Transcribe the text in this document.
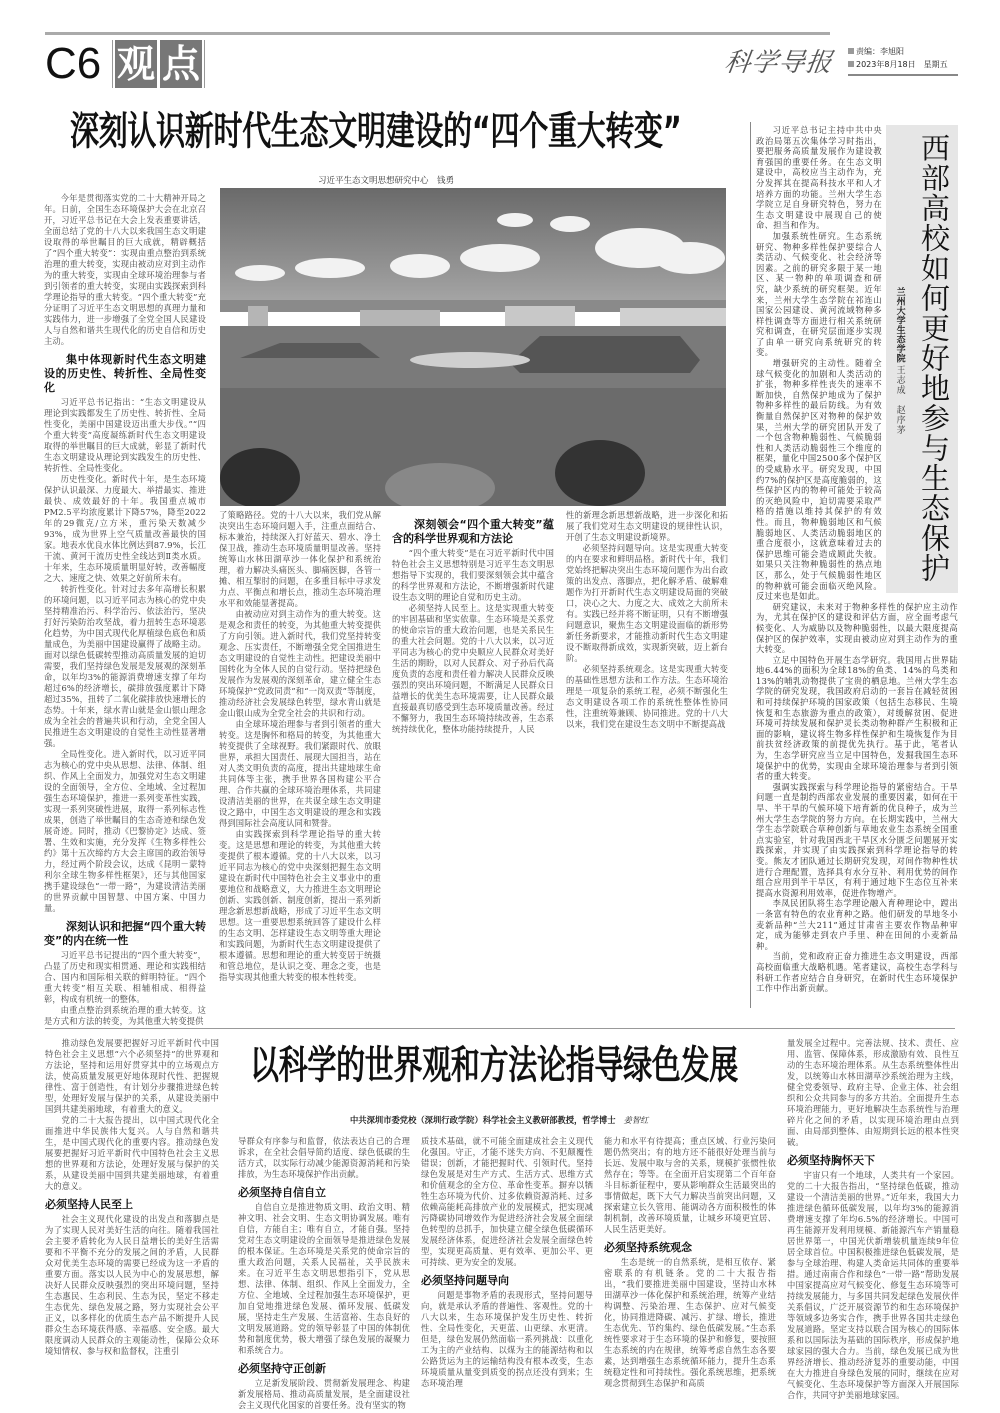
C6 观 点	科学导报	责编：李旭阳
2023年8月18日　星期五
深刻认识新时代生态文明建设的“四个重大转变”
习近平生态文明思想研究中心　钱勇

今年是贯彻落实党的二十大精神开局之年。日前，全国生态环境保护大会在北京召开，习近平总书记在大会上发表重要讲话，全面总结了党的十八大以来我国生态文明建设取得的举世瞩目的巨大成就，精辟概括了“四个重大转变”：实现由重点整治到系统治理的重大转变，实现由被动应对到主动作为的重大转变，实现由全球环境治理参与者到引领者的重大转变，实现由实践探索到科学理论指导的重大转变。“四个重大转变”充分证明了习近平生态文明思想的真理力量和实践伟力，进一步增强了全党全国人民建设人与自然和谐共生现代化的历史自信和历史主动。

集中体现新时代生态文明建设的历史性、转折性、全局性变化

习近平总书记指出：“生态文明建设从理论到实践都发生了历史性、转折性、全局性变化，美丽中国建设迈出重大步伐。”“四个重大转变”高度凝练新时代生态文明建设取得的举世瞩目的巨大成就，彰显了新时代生态文明建设从理论到实践发生的历史性、转折性、全局性变化。

历史性变化。新时代十年，是生态环境保护认识最深、力度最大、举措最实、推进最快、成效最好的十年。我国重点城市PM2.5平均浓度累计下降57%，降至2022年的29微克/立方米，重污染天数减少93%，成为世界上空气质量改善最快的国家。地表水优良水体比例达到87.9%，长江干流、黄河干流历史性全线达到Ⅱ类水质。十年来，生态环境质量明显好转，改善幅度之大、速度之快、效果之好前所未有。

转折性变化。针对过去多年高增长积累的环境问题，以习近平同志为核心的党中央坚持精准治污、科学治污、依法治污，坚决打好污染防治攻坚战，着力扭转生态环境恶化趋势，为中国式现代化厚植绿色底色和质量成色，为美丽中国建设赢得了战略主动。面对以绿色低碳转型推动高质量发展的迫切需要，我们坚持绿色发展是发展观的深刻革命，以年均3%的能源消费增速支撑了年均超过6%的经济增长，碳排放强度累计下降超过35%，扭转了二氧化碳排放快速增长的态势。十年来，绿水青山就是金山银山理念成为全社会的普遍共识和行动，全党全国人民推进生态文明建设的自觉性主动性显著增强。

全局性变化。进入新时代，以习近平同志为核心的党中央从思想、法律、体制、组织、作风上全面发力，加强党对生态文明建设的全面领导，全方位、全地域、全过程加强生态环境保护，推进一系列变革性实践，实现一系列突破性进展，取得一系列标志性成果，创造了举世瞩目的生态奇迹和绿色发展奇迹。同时，推动《巴黎协定》达成、签署、生效和实施，充分发挥《生物多样性公约》第十五次缔约方大会主席国的政治领导力，经过两个阶段会议，达成《昆明－蒙特利尔全球生物多样性框架》，还与其他国家携手建设绿色“一带一路”，为建设清洁美丽的世界贡献中国智慧、中国方案、中国力量。

深刻认识和把握“四个重大转变”的内在统一性

习近平总书记提出的“四个重大转变”，凸显了历史和现实相贯通、理论和实践相结合、国内和国际相关联的鲜明特征。“四个重大转变”相互关联、相辅相成、相得益彰，构成有机统一的整体。

由重点整治到系统治理的重大转变。这是方式和方法的转变，为其他重大转变提供

了策略路径。党的十八大以来，我们党从解决突出生态环境问题入手，注重点面结合、标本兼治，持续深入打好蓝天、碧水、净土保卫战，推动生态环境质量明显改善。坚持统筹山水林田湖草沙一体化保护和系统治理，着力解决头痛医头、脚痛医脚，各管一摊、相互掣肘的问题，在多重目标中寻求发力点、平衡点和增长点，推动生态环境治理水平和效能显著提高。

由被动应对到主动作为的重大转变。这是观念和责任的转变，为其他重大转变提供了方向引领。进入新时代，我们党坚持转变观念、压实责任，不断增强全党全国推进生态文明建设的自觉性主动性。把建设美丽中国转化为全体人民的自觉行动。坚持把绿色发展作为发展观的深刻革命，建立健全生态环境保护“党政同责”和“一岗双责”等制度，推动经济社会发展绿色转型，绿水青山就是金山银山成为全党全社会的共识和行动。

由全球环境治理参与者到引领者的重大转变。这是胸怀和格局的转变，为其他重大转变提供了全球视野。我们紧跟时代、放眼世界，承担大国责任、展现大国担当，站在对人类文明负责的高度，提出共建地球生命共同体等主张，携手世界各国构建公平合理、合作共赢的全球环境治理体系，共同建设清洁美丽的世界，在共谋全球生态文明建设之路中，中国生态文明建设的理念和实践得到国际社会高度认同和赞誉。

由实践探索到科学理论指导的重大转变。这是思想和理论的转变，为其他重大转变提供了根本遵循。党的十八大以来，以习近平同志为核心的党中央深刻把握生态文明建设在新时代中国特色社会主义事业中的重要地位和战略意义，大力推进生态文明理论创新、实践创新、制度创新，提出一系列新理念新思想新战略，形成了习近平生态文明思想。这一重要思想系统回答了建设什么样的生态文明、怎样建设生态文明等重大理论和实践问题，为新时代生态文明建设提供了根本遵循。思想和理论的重大转变居于统摄和管总地位，是认识之变、理念之变，也是指导实现其他重大转变的根本性转变。

深刻领会“四个重大转变”蕴含的科学世界观和方法论

“四个重大转变”是在习近平新时代中国特色社会主义思想特别是习近平生态文明思想指导下实现的，我们要深刻领会其中蕴含的科学世界观和方法论，不断增强新时代建设生态文明的理论自觉和历史主动。

必须坚持人民至上。这是实现重大转变的牢固基础和坚实依靠。生态环境是关系党的使命宗旨的重大政治问题，也是关系民生的重大社会问题。党的十八大以来，以习近平同志为核心的党中央顺应人民群众对美好生活的期盼，以对人民群众、对子孙后代高度负责的态度和责任着力解决人民群众反映强烈的突出环境问题，不断满足人民群众日益增长的优美生态环境需要，让人民群众最直接最真切感受到生态环境质量改善。经过不懈努力，我国生态环境持续改善，生态系统持续优化，整体功能持续提升，人民

性的新理念新思想新战略，进一步深化和拓展了我们党对生态文明建设的规律性认识，开创了生态文明建设新境界。

必须坚持问题导向。这是实现重大转变的内在要求和鲜明品格。新时代十年，我们党始终把解决突出生态环境问题作为出台政策的出发点、落脚点，把化解矛盾、破解难题作为打开新时代生态文明建设局面的突破口，决心之大、力度之大、成效之大前所未有。实践已经并将不断证明，只有不断增强问题意识，聚焦生态文明建设面临的新形势新任务新要求，才能推动新时代生态文明建设不断取得新成效，实现新突破，迈上新台阶。

必须坚持系统观念。这是实现重大转变的基础性思想方法和工作方法。生态环境治理是一项复杂的系统工程，必须不断强化生态文明建设各项工作的系统性整体性协同性，注重统筹兼顾、协同推进。党的十八大以来，我们党在建设生态文明中不断提高战

西部高校如何更好地参与生态保护
兰州大学生态学院
王志成　赵序茅

习近平总书记主持中共中央政治局第五次集体学习时指出，要把服务高质量发展作为建设教育强国的重要任务。在生态文明建设中，高校应当主动作为，充分发挥其在提高科技水平和人才培养方面的功能。兰州大学生态学院立足自身研究特色，努力在生态文明建设中展现自己的使命、担当和作为。

加强系统性研究。生态系统研究、物种多样性保护要综合人类活动、气候变化、社会经济等因素。之前的研究多限于某一地区、某一物种的单项调查和研究，缺少系统的研究框架。近年来，兰州大学生态学院在祁连山国家公园建设、黄河流域物种多样性调查等方面进行相关系统研究和调查，在研究层面逐步实现了由单一研究向系统研究的转变。

增强研究的主动性。随着全球气候变化的加剧和人类活动的扩张，物种多样性丧失的速率不断加快，自然保护地成为了保护物种多样性的最后防线。为有效衡量自然保护区对物种的保护效果，兰州大学的研究团队开发了一个包含物种脆弱性、气候脆弱性和人类活动脆弱性三个维度的框架，量化中国2500多个保护区的受威胁水平。研究发现，中国约7%的保护区是高度脆弱的，这些保护区内的物种可能处于较高的灭绝风险中，迫切需要采取严格的措施以维持其保护的有效性。而且，物种脆弱地区和气候脆弱地区、人类活动脆弱地区的重合度很小，这就意味着过去的保护思维可能会造成顾此失彼。如果只关注物种脆弱性的热点地区，那么，处于气候脆弱性地区的物种就可能会面临灭绝风险。反过来也是如此。

研究建议，未来对于物种多样性的保护应主动作为，尤其在保护区的建设和评估方面，应全面考虑气候变化、人为威胁以及物种脆弱性，以最大限度提高保护区的保护效率，实现由被动应对到主动作为的重大转变。

立足中国特色开展生态学研究。我国用占世界陆地6.44%的面积为全球18%的鱼类、14%的鸟类和13%的哺乳动物提供了宝贵的栖息地。兰州大学生态学院的研究发现，我国政府启动的一套旨在减轻贫困和可持续保护环境的国家政策（包括生态移民、生境恢复和生态旅游为重点的政策），对缓解贫困、促进环境可持续发展和保护灵长类动物种群产生积极和正面的影响，建议将生物多样性保护和生境恢复作为目前扶贫经济政策的前提优先执行。基于此，笔者认为，生态学研究应当立足中国特色，发掘我国生态环境保护中的优势，实现由全球环境治理参与者到引领者的重大转变。

强调实践探索与科学理论指导的紧密结合。干旱问题一直是制约西部农业发展的重要因素，如何在干旱、半干旱的气候环境下培育新的优良种子，成为兰州大学生态学院的努力方向。在长期实践中，兰州大学生态学院联合草种创新与草地农业生态系统全国重点实验室，针对我国西北干旱区水分匮乏问题展开实践探索，并实现了由实践探索到科学理论指导的转变。熊友才团队通过长期研究发现，对间作物种性状进行合理配置，选择具有水分互补、利用优势的间作组合应用到半干旱区，有利于通过地下生态位互补来提高水资源利用效率，促进作物增产。

李凤民团队将生态学理论融入育种理论中，蹚出一条富有特色的农业育种之路。他们研发的旱地冬小麦新品种“兰大211”通过甘肃省主要农作物品种审定，成为能够走到农户手里、种在田间的小麦新品种。

当前，党和政府正奋力推进生态文明建设，西部高校面临重大战略机遇。笔者建议，高校生态学科与科研工作者应结合自身研究，在新时代生态环境保护工作中作出新贡献。

推动绿色发展要把握好习近平新时代中国特色社会主义思想“六个必须坚持”的世界观和方法论，坚持和运用好贯穿其中的立场观点方法，使高质量发展更好地体现时代性、把握规律性、富于创造性，有计划分步骤推进绿色转型，处理好发展与保护的关系，从建设美丽中国到共建美丽地球，有着重大的意义。

党的二十大报告提出，以中国式现代化全面推进中华民族伟大复兴。人与自然和谐共生，是中国式现代化的重要内容。推动绿色发展要把握好习近平新时代中国特色社会主义思想的世界观和方法论，处理好发展与保护的关系，从建设美丽中国到共建美丽地球，有着重大的意义。

必须坚持人民至上

社会主义现代化建设的出发点和落脚点是为了实现人民对美好生活的向往。随着我国社会主要矛盾转化为人民日益增长的美好生活需要和不平衡不充分的发展之间的矛盾，人民群众对优美生态环境的需要已经成为这一矛盾的重要方面。落实以人民为中心的发展思想，解决好人民群众反映强烈的突出环境问题，坚持生态惠民、生态利民、生态为民，坚定不移走生态优先、绿色发展之路，努力实现社会公平正义，以多样化的优质生态产品不断提升人民群众生态环境获得感、幸福感、安全感。最大限度调动人民群众的主观能动性，保障公众环境知情权、参与权和监督权，注重引

以科学的世界观和方法论指导绿色发展
中共深圳市委党校（深圳行政学院）科学社会主义教研部教授，哲学博士 姜智红

导群众有序参与和监督，依法表达自己的合理诉求，在全社会倡导简约适度、绿色低碳的生活方式，以实际行动减少能源资源消耗和污染排放，为生态环境保护作出贡献。

必须坚持自信自立

自信自立是推进物质文明、政治文明、精神文明、社会文明、生态文明协调发展。唯有自信，方能自主；唯有自立，才能自强。坚持党对生态文明建设的全面领导是推进绿色发展的根本保证。生态环境是关系党的使命宗旨的重大政治问题，关系人民福祉，关乎民族未来。在习近平生态文明思想指引下，党从思想、法律、体制、组织、作风上全面发力，全方位、全地域、全过程加强生态环境保护，更加自觉地推进绿色发展、循环发展、低碳发展，坚持走生产发展、生活富裕、生态良好的文明发展道路。党的领导彰显了中国的体制优势和制度优势，极大增强了绿色发展的凝聚力和系统合力。

必须坚持守正创新

立足新发展阶段、贯彻新发展理念、构建新发展格局、推动高质量发展，是全面建设社会主义现代化国家的首要任务。没有坚实的物

质技术基础，就不可能全面建成社会主义现代化强国。守正，才能不迷失方向、不犯颠覆性错误；创新，才能把握时代、引领时代。坚持绿色发展是对生产方式、生活方式、思维方式和价值观念的全方位、革命性变革。摒弃以牺牲生态环境为代价、过多依赖资源消耗、过多依赖高能耗高排放产业的发展模式，把实现减污降碳协同增效作为促进经济社会发展全面绿色转型的总抓手，加快建立健全绿色低碳循环发展经济体系，促进经济社会发展全面绿色转型，实现更高质量、更有效率、更加公平、更可持续、更为安全的发展。

必须坚持问题导向

问题是事物矛盾的表现形式，坚持问题导向，就是承认矛盾的普遍性、客观性。党的十八大以来，生态环境保护发生历史性、转折性、全局性变化，天更蓝、山更绿、水更清。但是，绿色发展仍然面临一系列挑战：以重化工为主的产业结构、以煤为主的能源结构和以公路货运为主的运输结构没有根本改变，生态环境质量从量变到质变的拐点还没有到来；生态环境治理

能力和水平有待提高；重点区域、行业污染问题仍然突出；有的地方还不能很好处理当前与长远、发展中取与舍的关系，规模扩张惯性依然存在；等等。在全面开启实现第二个百年奋斗目标新征程中，要从影响群众生活最突出的事情做起，既下大气力解决当前突出问题，又探索建立长久管用、能调动各方面积极性的体制机制，改善环境质量，让城乡环境更宜居、人民生活更美好。

必须坚持系统观念

生态是统一的自然系统，是相互依存、紧密联系的有机链条。党的二十大报告指出，“我们要推进美丽中国建设，坚持山水林田湖草沙一体化保护和系统治理，统筹产业结构调整、污染治理、生态保护、应对气候变化，协同推进降碳、减污、扩绿、增长，推进生态优先、节约集约、绿色低碳发展。”生态系统性要求对于生态环境的保护和修复，要按照生态系统的内在规律，统筹考虑自然生态各要素，达到增强生态系统循环能力，提升生态系统稳定性和可持续性。强化系统思维，把系统观念贯彻到生态保护和高质

量发展全过程中。完善法规、技术、责任、应用、监管、保障体系，形成激励有效、良性互动的生态环境治理体系。从生态系统整体性出发，以统筹山水林田湖草沙系统治理为主线，健全党委领导、政府主导、企业主体、社会组织和公众共同参与的多方共治。全面提升生态环境治理能力，更好地解决生态系统性与治理碎片化之间的矛盾，以实现环境治理由点到面、由局部到整体、由短期到长远的根本性突破。

必须坚持胸怀天下

宇宙只有一个地球，人类共有一个家园。党的二十大报告指出，“坚持绿色低碳，推动建设一个清洁美丽的世界。”近年来，我国大力推进绿色循环低碳发展，以年均3%的能源消费增速支撑了年均6.5%的经济增长。中国可再生能源开发利用规模、新能源汽车产销量稳居世界第一，中国光伏新增装机量连续9年位居全球首位。中国积极推进绿色低碳发展，是参与全球治理、构建人类命运共同体的重要举措。通过南南合作和绿色“一带一路”帮助发展中国家提高应对气候变化、修复生态环境等可持续发展能力，与多国共同发起绿色发展伙伴关系倡议，广泛开展资源节约和生态环境保护等领域多边务实合作，携手世界各国共走绿色发展道路。坚定支持以联合国为核心的国际体系和以国际法为基础的国际秩序，形成保护地球家园的强大合力。当前，绿色发展已成为世界经济增长、推动经济复苏的重要动能，中国在大力推进自身绿色发展的同时，继续在应对气候变化、生态环境保护等方面深入开展国际合作，共同守护美丽地球家园。
